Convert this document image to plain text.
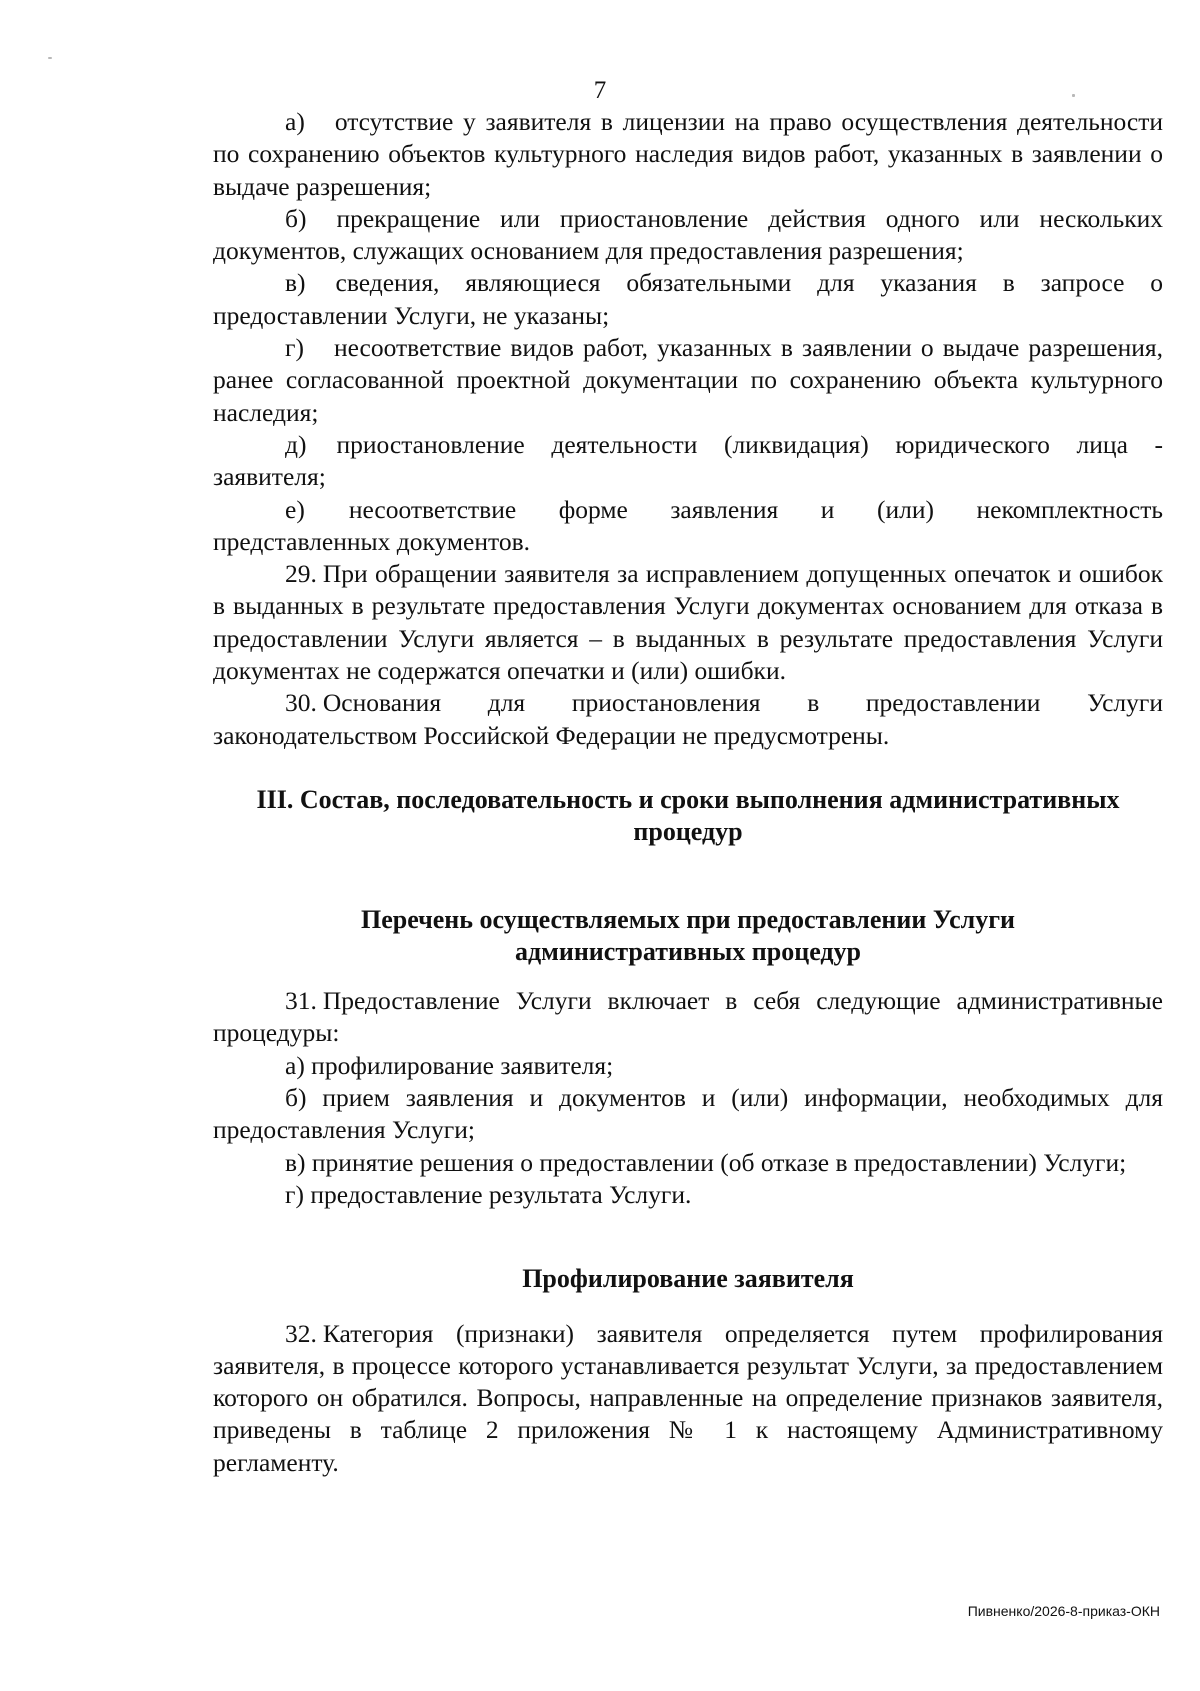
7

а) отсутствие у заявителя в лицензии на право осуществления деятельности по сохранению объектов культурного наследия видов работ, указанных в заявлении о выдаче разрешения;

б) прекращение или приостановление действия одного или нескольких документов, служащих основанием для предоставления разрешения;

в) сведения, являющиеся обязательными для указания в запросе о предоставлении Услуги, не указаны;

г) несоответствие видов работ, указанных в заявлении о выдаче разрешения, ранее согласованной проектной документации по сохранению объекта культурного наследия;

д) приостановление деятельности (ликвидация) юридического лица - заявителя;

е) несоответствие форме заявления и (или) некомплектность представленных документов.

29. При обращении заявителя за исправлением допущенных опечаток и ошибок в выданных в результате предоставления Услуги документах основанием для отказа в предоставлении Услуги является – в выданных в результате предоставления Услуги документах не содержатся опечатки и (или) ошибки.

30. Основания для приостановления в предоставлении Услуги законодательством Российской Федерации не предусмотрены.

III. Состав, последовательность и сроки выполнения административных процедур
Перечень осуществляемых при предоставлении Услуги административных процедур

31. Предоставление Услуги включает в себя следующие административные процедуры:

а) профилирование заявителя;

б) прием заявления и документов и (или) информации, необходимых для предоставления Услуги;

в) принятие решения о предоставлении (об отказе в предоставлении) Услуги;

г) предоставление результата Услуги.

Профилирование заявителя

32. Категория (признаки) заявителя определяется путем профилирования заявителя, в процессе которого устанавливается результат Услуги, за предоставлением которого он обратился. Вопросы, направленные на определение признаков заявителя, приведены в таблице 2 приложения № 1 к настоящему Административному регламенту.

Пивненко/2026-8-приказ-ОКН
